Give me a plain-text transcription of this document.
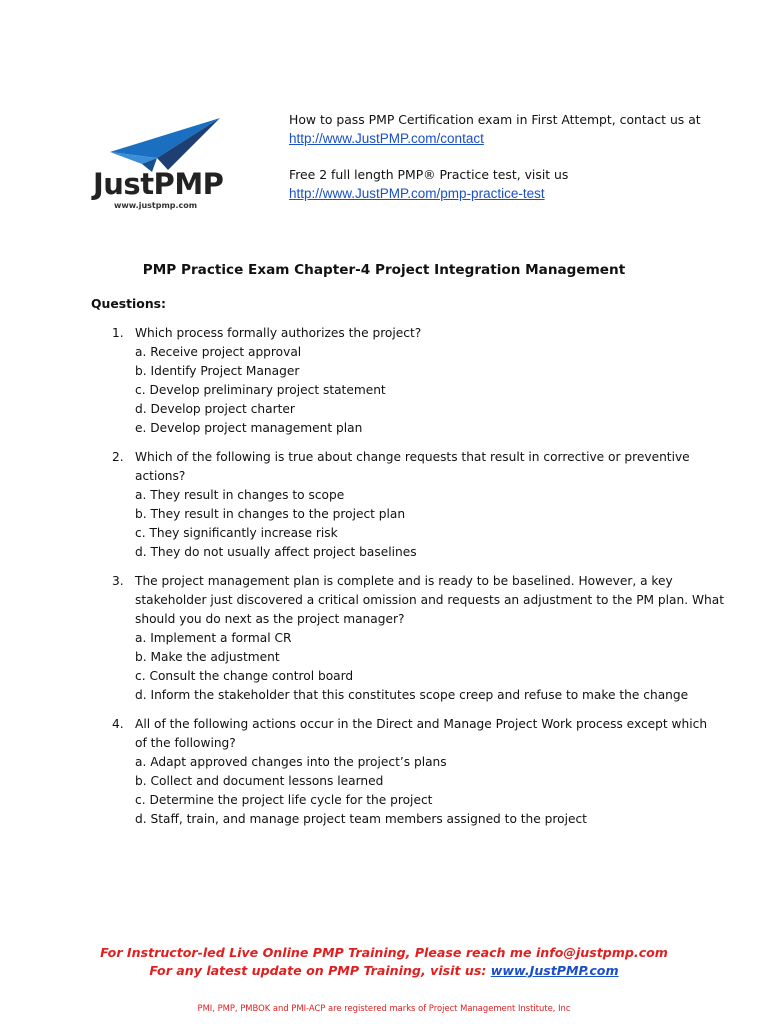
JustPMP
www.justpmp.com
How to pass PMP Certification exam in First Attempt, contact us at
http://www.JustPMP.com/contact
Free 2 full length PMP® Practice test, visit us
http://www.JustPMP.com/pmp-practice-test
PMP Practice Exam Chapter-4 Project Integration Management
Questions:
1. Which process formally authorizes the project?
a. Receive project approval
b. Identify Project Manager
c. Develop preliminary project statement
d. Develop project charter
e. Develop project management plan
2. Which of the following is true about change requests that result in corrective or preventive
actions?
a. They result in changes to scope
b. They result in changes to the project plan
c. They significantly increase risk
d. They do not usually affect project baselines
3. The project management plan is complete and is ready to be baselined. However, a key
stakeholder just discovered a critical omission and requests an adjustment to the PM plan. What
should you do next as the project manager?
a. Implement a formal CR
b. Make the adjustment
c. Consult the change control board
d. Inform the stakeholder that this constitutes scope creep and refuse to make the change
4. All of the following actions occur in the Direct and Manage Project Work process except which
of the following?
a. Adapt approved changes into the project’s plans
b. Collect and document lessons learned
c. Determine the project life cycle for the project
d. Staff, train, and manage project team members assigned to the project
For Instructor-led Live Online PMP Training, Please reach me info@justpmp.com
For any latest update on PMP Training, visit us: www.JustPMP.com
PMI, PMP, PMBOK and PMI-ACP are registered marks of Project Management Institute, Inc
